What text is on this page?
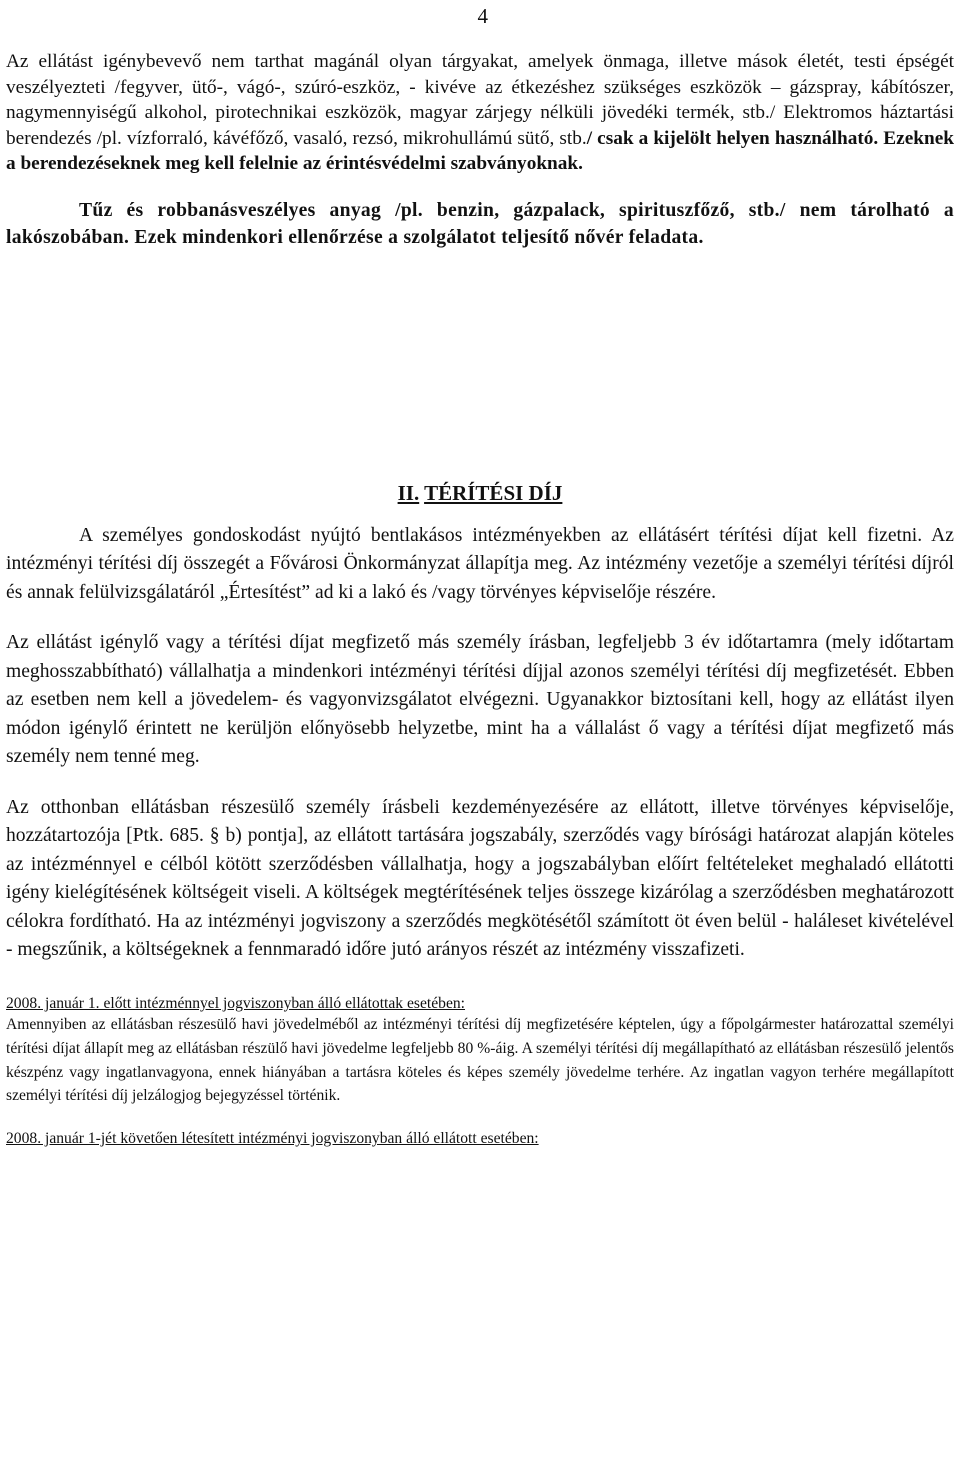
4

Az ellátást igénybevevő nem tarthat magánál olyan tárgyakat, amelyek önmaga, illetve mások életét, testi épségét veszélyezteti /fegyver, ütő-, vágó-, szúró-eszköz, - kivéve az étkezéshez szükséges eszközök – gázspray, kábítószer, nagymennyiségű alkohol, pirotechnikai eszközök, magyar zárjegy nélküli jövedéki termék, stb./ Elektromos háztartási berendezés /pl. vízforraló, kávéfőző, vasaló, rezsó, mikrohullámú sütő, stb./ csak a kijelölt helyen használható. Ezeknek a berendezéseknek meg kell felelnie az érintésvédelmi szabványoknak.

Tűz és robbanásveszélyes anyag /pl. benzin, gázpalack, spirituszfőző, stb./ nem tárolható a lakószobában. Ezek mindenkori ellenőrzése a szolgálatot teljesítő nővér feladata.

II. TÉRÍTÉSI DÍJ

A személyes gondoskodást nyújtó bentlakásos intézményekben az ellátásért térítési díjat kell fizetni. Az intézményi térítési díj összegét a Fővárosi Önkormányzat állapítja meg. Az intézmény vezetője a személyi térítési díjról és annak felülvizsgálatáról „Értesítést” ad ki a lakó és /vagy törvényes képviselője részére.

Az ellátást igénylő vagy a térítési díjat megfizető más személy írásban, legfeljebb 3 év időtartamra (mely időtartam meghosszabbítható) vállalhatja a mindenkori intézményi térítési díjjal azonos személyi térítési díj megfizetését. Ebben az esetben nem kell a jövedelem- és vagyonvizsgálatot elvégezni. Ugyanakkor biztosítani kell, hogy az ellátást ilyen módon igénylő érintett ne kerüljön előnyösebb helyzetbe, mint ha a vállalást ő vagy a térítési díjat megfizető más személy nem tenné meg.

Az otthonban ellátásban részesülő személy írásbeli kezdeményezésére az ellátott, illetve törvényes képviselője, hozzátartozója [Ptk. 685. § b) pontja], az ellátott tartására jogszabály, szerződés vagy bírósági határozat alapján köteles az intézménnyel e célból kötött szerződésben vállalhatja, hogy a jogszabályban előírt feltételeket meghaladó ellátotti igény kielégítésének költségeit viseli. A költségek megtérítésének teljes összege kizárólag a szerződésben meghatározott célokra fordítható. Ha az intézményi jogviszony a szerződés megkötésétől számított öt éven belül - haláleset kivételével - megszűnik, a költségeknek a fennmaradó időre jutó arányos részét az intézmény visszafizeti.

2008. január 1. előtt intézménnyel jogviszonyban álló ellátottak esetében:

Amennyiben az ellátásban részesülő havi jövedelméből az intézményi térítési díj megfizetésére képtelen, úgy a főpolgármester határozattal személyi térítési díjat állapít meg az ellátásban részülő havi jövedelme legfeljebb 80 %-áig. A személyi térítési díj megállapítható az ellátásban részesülő jelentős készpénz vagy ingatlanvagyona, ennek hiányában a tartásra köteles és képes személy jövedelme terhére. Az ingatlan vagyon terhére megállapított személyi térítési díj jelzálogjog bejegyzéssel történik.

2008. január 1-jét követően létesített intézményi jogviszonyban álló ellátott esetében:
